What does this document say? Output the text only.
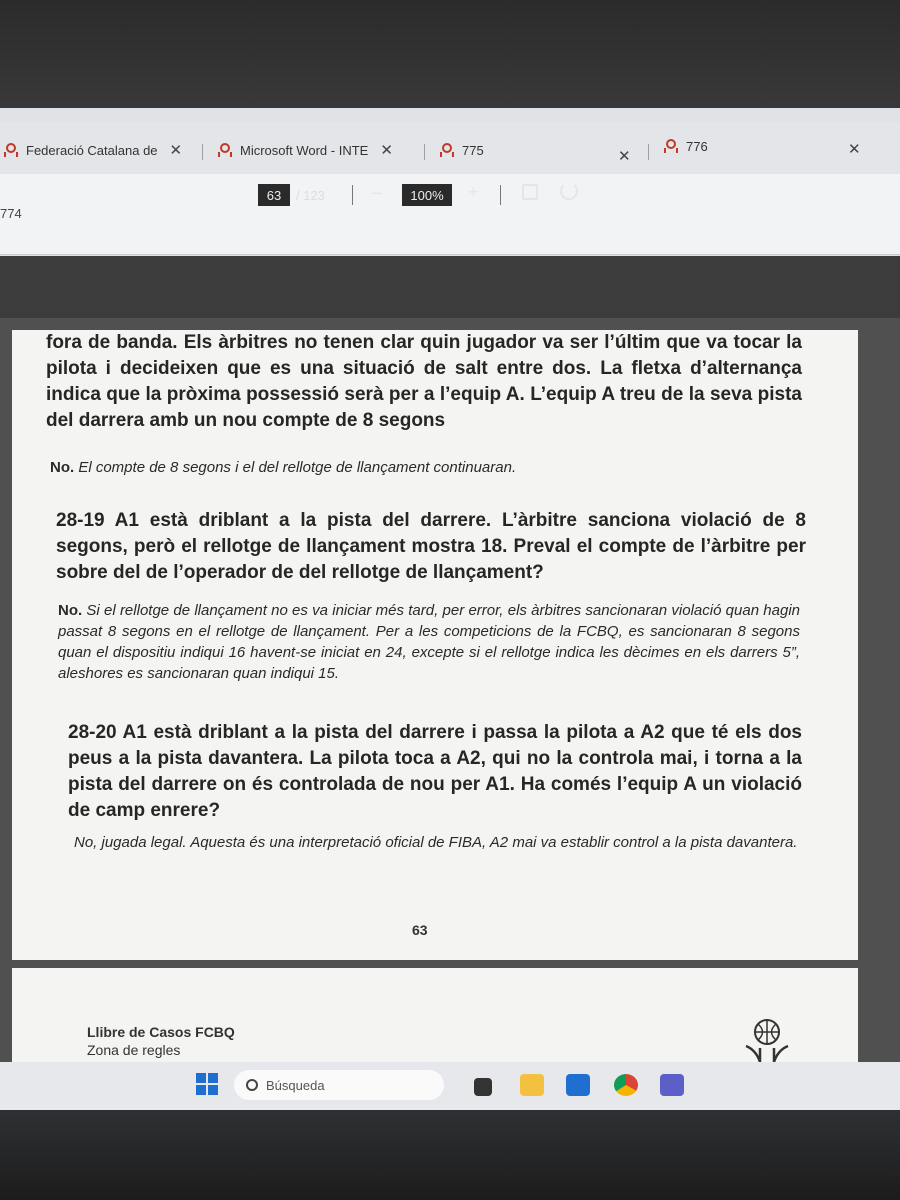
Federació Catalana de ✕	Microsoft Word - INTE ✕	775	✕
776	✕
774
63	/ 123	–	100%	+
fora de banda. Els àrbitres no tenen clar quin jugador va ser l’últim que va tocar la pilota i decideixen que es una situació de salt entre dos. La fletxa d’alternança indica que la pròxima possessió serà per a l’equip A. L’equip A treu de la seva pista del darrera amb un nou compte de 8 segons
No. El compte de 8 segons i el del rellotge de llançament continuaran.
28-19 A1 està driblant a la pista del darrere. L’àrbitre sanciona violació de 8 segons, però el rellotge de llançament mostra 18. Preval el compte de l’àrbitre per sobre del de l’operador de del rellotge de llançament?
No. Si el rellotge de llançament no es va iniciar més tard, per error, els àrbitres sancionaran violació quan hagin passat 8 segons en el rellotge de llançament. Per a les competicions de la FCBQ, es sancionaran 8 segons quan el dispositiu indiqui 16 havent-se iniciat en 24, excepte si el rellotge indica les dècimes en els darrers 5”, aleshores es sancionaran quan indiqui 15.
28-20 A1 està driblant a la pista del darrere i passa la pilota a A2 que té els dos peus a la pista davantera. La pilota toca a A2, qui no la controla mai, i torna a la pista del darrere on és controlada de nou per A1. Ha comés l’equip A un violació de camp enrere?
No, jugada legal. Aquesta és una interpretació oficial de FIBA, A2 mai va establir control a la pista davantera.
63
Llibre de Casos FCBQ
Zona de regles
Búsqueda
